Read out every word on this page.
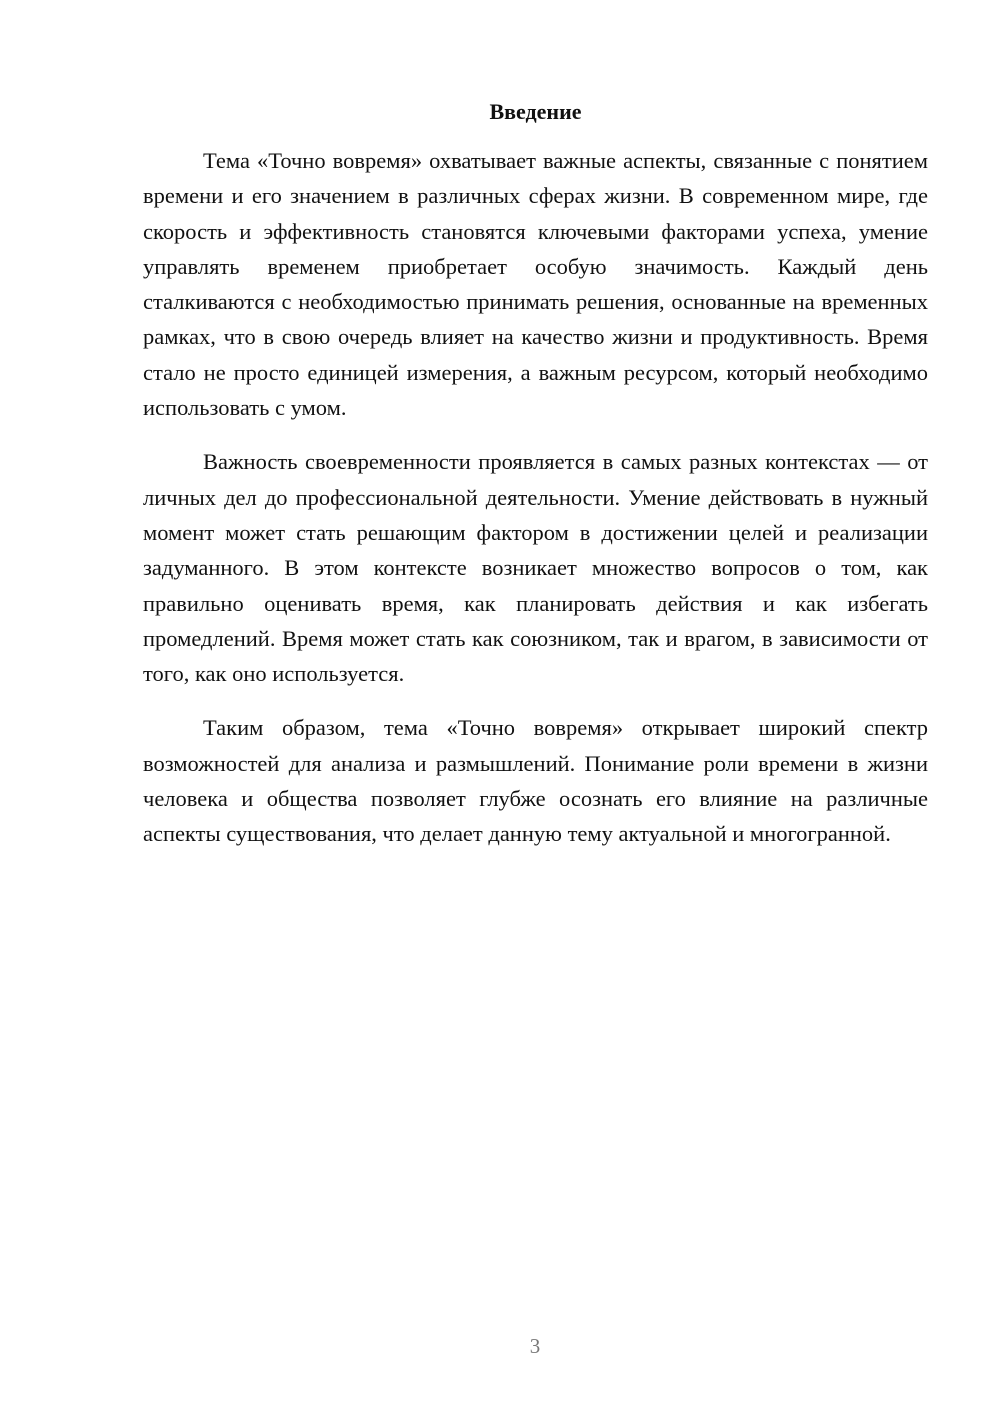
Введение

Тема «Точно вовремя» охватывает важные аспекты, связанные с понятием времени и его значением в различных сферах жизни. В современном мире, где скорость и эффективность становятся ключевыми факторами успеха, умение управлять временем приобретает особую значимость. Каждый день сталкиваются с необходимостью принимать решения, основанные на временных рамках, что в свою очередь влияет на качество жизни и продуктивность. Время стало не просто единицей измерения, а важным ресурсом, который необходимо использовать с умом.

Важность своевременности проявляется в самых разных контекстах — от личных дел до профессиональной деятельности. Умение действовать в нужный момент может стать решающим фактором в достижении целей и реализации задуманного. В этом контексте возникает множество вопросов о том, как правильно оценивать время, как планировать действия и как избегать промедлений. Время может стать как союзником, так и врагом, в зависимости от того, как оно используется.

Таким образом, тема «Точно вовремя» открывает широкий спектр возможностей для анализа и размышлений. Понимание роли времени в жизни человека и общества позволяет глубже осознать его влияние на различные аспекты существования, что делает данную тему актуальной и многогранной.

3
